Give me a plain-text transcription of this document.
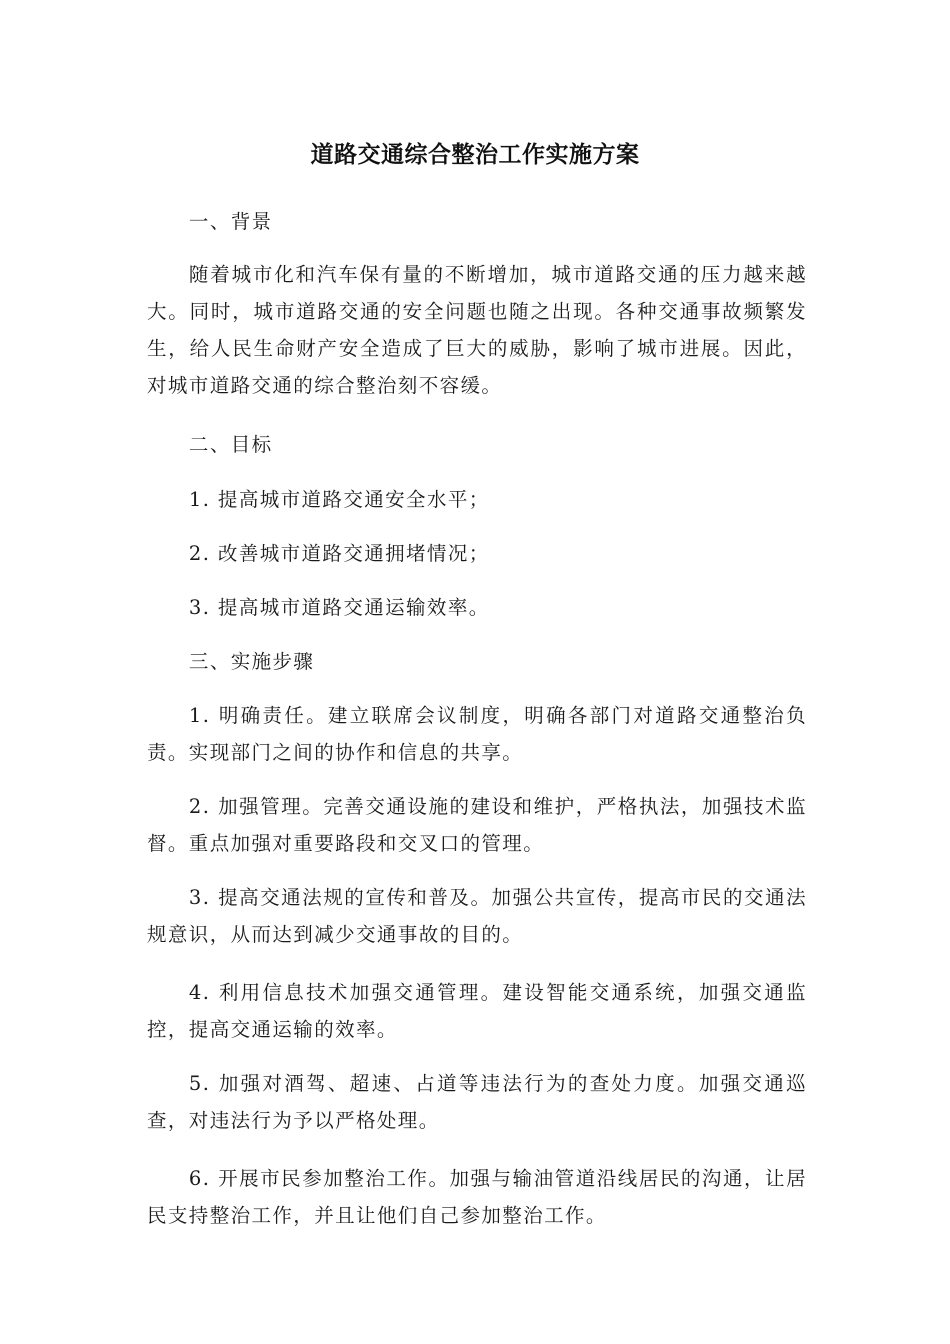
道路交通综合整治工作实施方案

一、背景

随着城市化和汽车保有量的不断增加，城市道路交通的压力越来越大。同时，城市道路交通的安全问题也随之出现。各种交通事故频繁发生，给人民生命财产安全造成了巨大的威胁，影响了城市进展。因此，对城市道路交通的综合整治刻不容缓。

二、目标

1. 提高城市道路交通安全水平；

2. 改善城市道路交通拥堵情况；

3. 提高城市道路交通运输效率。

三、实施步骤

1. 明确责任。建立联席会议制度，明确各部门对道路交通整治负责。实现部门之间的协作和信息的共享。

2. 加强管理。完善交通设施的建设和维护，严格执法，加强技术监督。重点加强对重要路段和交叉口的管理。

3. 提高交通法规的宣传和普及。加强公共宣传，提高市民的交通法规意识，从而达到减少交通事故的目的。

4. 利用信息技术加强交通管理。建设智能交通系统，加强交通监控，提高交通运输的效率。

5. 加强对酒驾、超速、占道等违法行为的查处力度。加强交通巡查，对违法行为予以严格处理。

6. 开展市民参加整治工作。加强与输油管道沿线居民的沟通，让居民支持整治工作，并且让他们自己参加整治工作。
